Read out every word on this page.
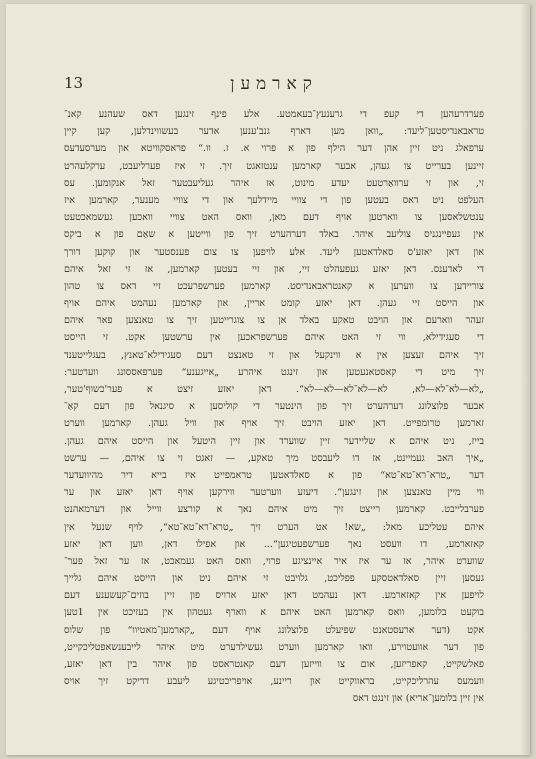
13	קארמען
פערדרעהען די קעפ די גרענעץ־בעאמטע. אלע פינף זינגען דאס שעהנע קאנ־
טראבאנדיסטען־ליעד: „וואן מען דארף גנב'ענען אדער בעשווינדלען, קען קיין
ערפאלג ניט זיין אהן דער הילף פון א פרוי א. ז. וו.“ פראסקוויטא און מערסעדעס
זיינען בערייט צו געהן, אבער קארמען ענטזאגט זיך. זי איז פערליעבט, ערקלעהרט
זי, און זי ערוואַרטעט יעדע מינוט, אז איהר געליעבטער זאל אנקומען. עס
העלפט ניט דאס בעטען פון די צוויי מיידלעך און די צוויי מענער, קארמען איז
ענטשלאסען צו ווארטען אויף דעם מאן, וואס האט צוויי וואכען געשמאכטעט
אין געפיינגניס צוליעב איהר. באלד דערהערט זיך פון ווייטען א שאַם פון א ביקס
און דאן יאזע'ס סאלדאטען ליעד. אלע לויפען צו צום פענסטער און קוקען דורך
די לאדענס. דאן יאזע געפעהלט זיי, און זיי בעטען קארמען, אז זי זאל איהם
צוריידען צו ווערען א קאנטראבאנדיסט. קארמען פערשפרעכט זיי דאס צו טהון
און הייסט זיי געהן. דאן יאזע קומט אריין, און קארמען נעהמט איהם אויף
זעהר ווארעם און הויבט טאקע באלד אן צו צוגרייטען זיך צו טאנצען פאר איהם
די סעגידילא, ווי זי האט איהם פערשפראכען אין ערשטען אקט. זי הייסט
זיך איהם זעצען אין א ווינקעל און זי טאנצט דעם סעגידילא־טאנץ, בעגלייטענד
זיך מיט די קאסטאנעטען און זינגט איהרע „אייגענע“ פערפאססונג ווערטער:
„לא—לא־לא—לא, לא—לא־לא—לא—לא“. דאן יאזע זיצט א פער'כשוף'טער,
אבער פלוצלונג דערהערט זיך פון הינטער די קוליסען א סיגנאל פון דעם קאַ־
זארמען טרומפייט. דאן יאזע הויבט זיך אויף און וויל געהן. קארמען ווערט
בייז, ניט איהם א שליידער זיין שווערד און זיין היטעל און הייסט איהם געהן.
„איך האב געמיינט, אז דו ליעבסט מיך טאקע, — זאגט זי צו איהם, — ערשט
דער „טרא־רא־טא־טא“ פון א סאלדאטען טראמפייט איז בייא דיר מהיוועדער
ווי מיין טאנצען און זינגען“. דיעזע ווערטער ווירקען אויף דאן יאזע און ער
פערבלייבט. קארמען רייצט זיך מיט איהם נאך א קורצע ווייל און דערמאהנט
איהם עטליכע מאל: „שא! אט הערט זיך „טרא־רא־טא־טא“, לויף שנעל אין
קאזארמע, דו וועסט נאך פערשפעטיגען“... און אפילו דאן, ווען דאן יאזע
שווערט איהר, אז ער איז איר איינציגע פרוי, וואס האט געמאכט, אז ער זאל פער־
געסען זיין סאלדאטסקע פפליכט, גלויבט זי איהם ניט און הייסט איהם גלייך
לויפען אין קאזארמע. דאן נעהמט דאן יאזע ארויס פון זיין בוזים־קעשענע דעם
בוקעט בלומען, וואס קארמען האט איהם א ווארף געטהון אין בעזיכט אין 1טען
אקט (דער ארעסטאנט שפיעלט פלוצלונג אויף דעם „קארמען־מאטיוו“ פון שלוס
פון דער אוועטוירע, וואו קארמען ווערט געשילדערט מיט איהר לייבענשאפטליכקייט,
פאלשקייט, קאפריזען, אום צו ווייזען דעם קאנטראסט פון איהר בין דאן יאזע,
וועמעס עהרליכקייט, בראווקייט און ריינע, אויפריכטיגע ליעבע דריקט זיך אויס
אין זיין בלומען־אריא) און זינגט דאס
